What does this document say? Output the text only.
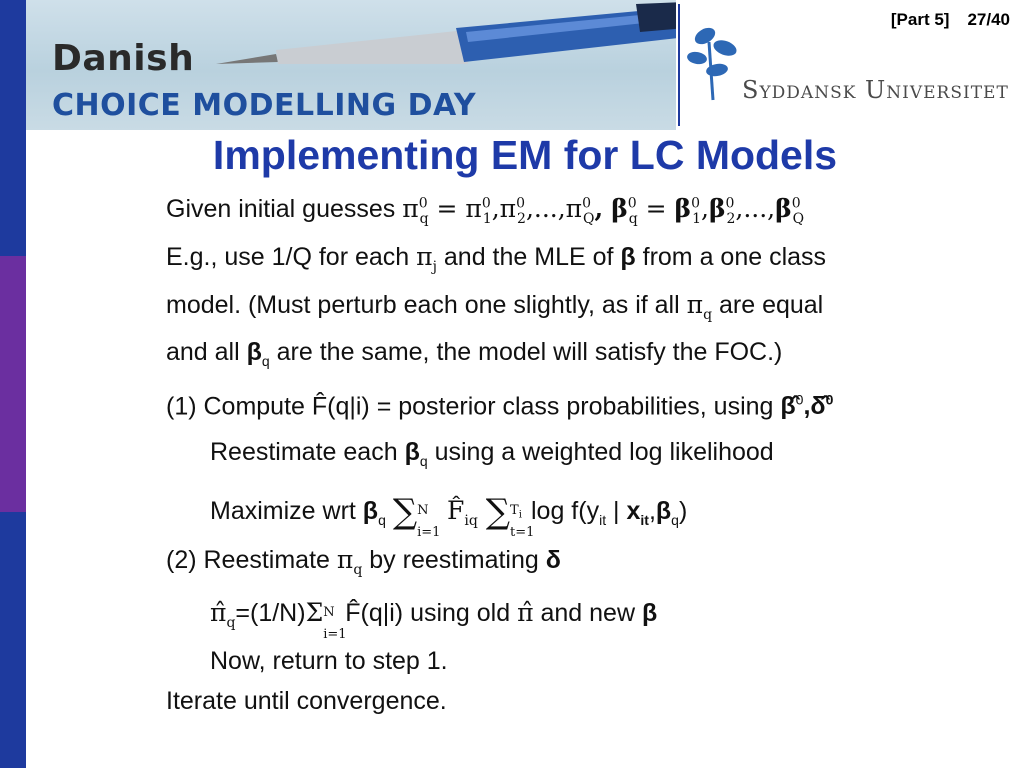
Danish
CHOICE MODELLING DAY	Syddansk Universitet
[Part 5] 27/40
Implementing EM for LC Models
Given initial guesses $\pi^0_q = \pi^0_1,\pi^0_2,...,\pi^0_Q$, $\beta^0_q = \beta^0_1,\beta^0_2,...,\beta^0_Q$
E.g., use 1/Q for each $\pi_j$ and the MLE of β from a one class
model. (Must perturb each one slightly, as if all $\pi_q$ are equal
and all $\beta_q$ are the same, the model will satisfy the FOC.)
(1) Compute F̂(q|i) = posterior class probabilities, using β̂$^0$,δ̂$^0$
Reestimate each $\beta_q$ using a weighted log likelihood
Maximize wrt $\beta_q$ ∑ N
i=1
$F̂_{iq}$ ∑ $T_i$
t=1
$\log f(y_{it}$ | $x_{it},\beta_q$)
(2) Reestimate $\pi_q$ by reestimating δ
$\pî_q=(1/N)\Sigma$ N
i=1
F̂(q|i) using old π̂ and new β
Now, return to step 1.
Iterate until convergence.
